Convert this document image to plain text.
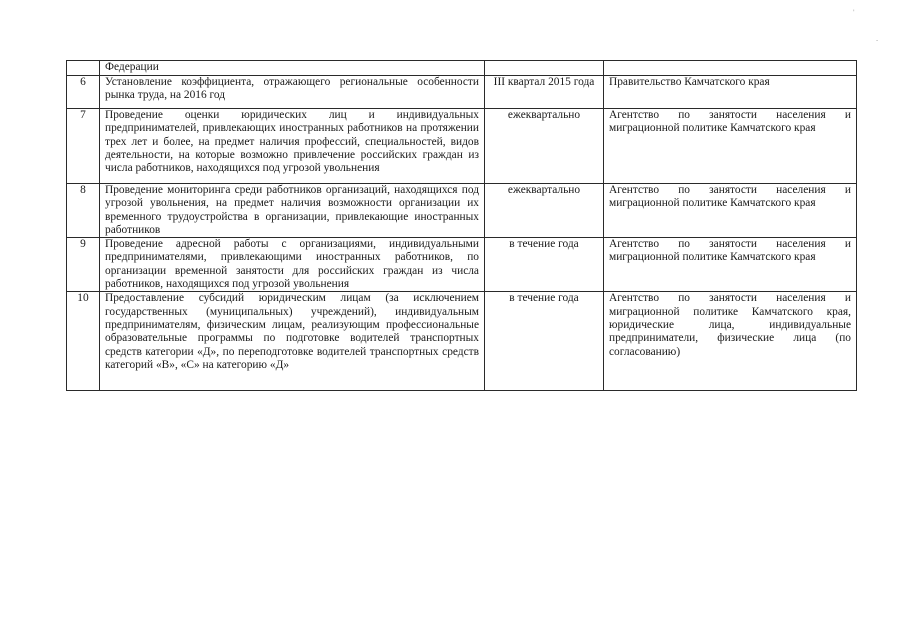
'
-
	Федерации		
6	Установление коэффициента, отражающего региональные особенности рынка труда, на 2016 год	III квартал 2015 года	Правительство Камчатского края
7	Проведение оценки юридических лиц и индивидуальных предпринимателей, привлекающих иностранных работников на протяжении трех лет и более, на предмет наличия профессий, специальностей, видов деятельности, на которые возможно привлечение российских граждан из числа работников, находящихся под угрозой увольнения	ежеквартально	Агентство по занятости населения и миграционной политике Камчатского края
8	Проведение мониторинга среди работников организаций, находящихся под угрозой увольнения, на предмет наличия возможности организации их временного трудоустройства в организации, привлекающие иностранных работников	ежеквартально	Агентство по занятости населения и миграционной политике Камчатского края
9	Проведение адресной работы с организациями, индивидуальными предпринимателями, привлекающими иностранных работников, по организации временной занятости для российских граждан из числа работников, находящихся под угрозой увольнения	в течение года	Агентство по занятости населения и миграционной политике Камчатского края
10	Предоставление субсидий юридическим лицам (за исключением государственных (муниципальных) учреждений), индивидуальным предпринимателям, физическим лицам, реализующим профессиональные образовательные программы по подготовке водителей транспортных средств категории «Д», по переподготовке водителей транспортных средств категорий «В», «С» на категорию «Д»	в течение года	Агентство по занятости населения и миграционной политике Камчатского края, юридические лица, индивидуальные предприниматели, физические лица (по согласованию)
